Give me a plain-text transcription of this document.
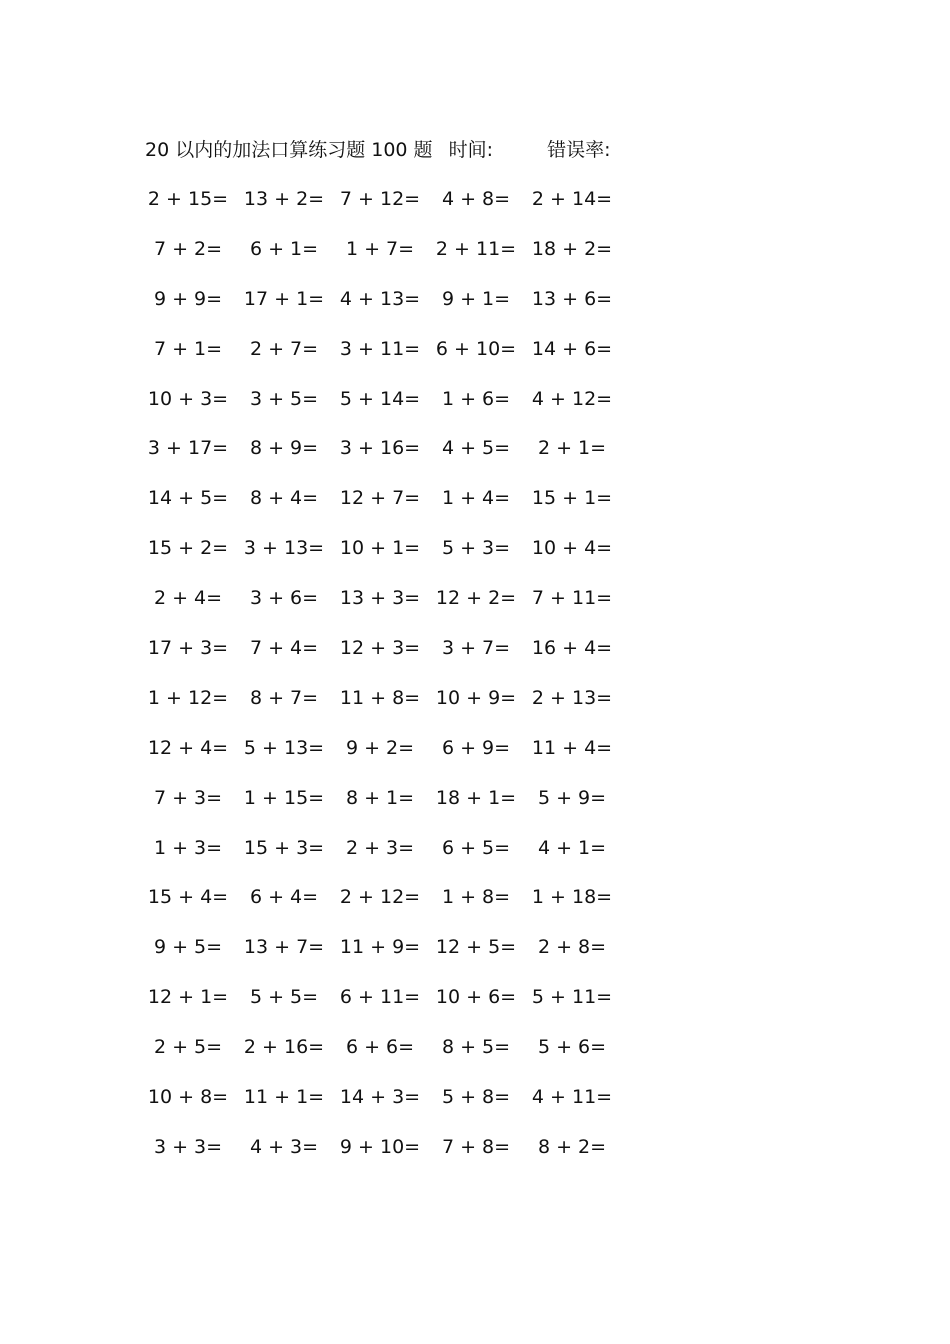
20 以内的加法口算练习题 100 题 时间:	错误率:
2 + 15= 13 + 2= 7 + 12=	4 + 8=	2 + 14=
7 + 2=	6 + 1=	1 + 7=	2 + 11= 18 + 2=
9 + 9=	17 + 1= 4 + 13=	9 + 1=	13 + 6=
7 + 1=	2 + 7=	3 + 11= 6 + 10= 14 + 6=
10 + 3=	3 + 5=	5 + 14=	1 + 6=	4 + 12=
3 + 17=	8 + 9=	3 + 16=	4 + 5=	2 + 1=
14 + 5=	8 + 4=	12 + 7=	1 + 4=	15 + 1=
15 + 2= 3 + 13= 10 + 1=	5 + 3=	10 + 4=
2 + 4=	3 + 6=	13 + 3= 12 + 2= 7 + 11=
17 + 3=	7 + 4=	12 + 3=	3 + 7=	16 + 4=
1 + 12=	8 + 7=	11 + 8= 10 + 9= 2 + 13=
12 + 4= 5 + 13=	9 + 2=	6 + 9=	11 + 4=
7 + 3=	1 + 15=	8 + 1=	18 + 1=	5 + 9=
1 + 3=	15 + 3=	2 + 3=	6 + 5=	4 + 1=
15 + 4=	6 + 4=	2 + 12=	1 + 8=	1 + 18=
9 + 5=	13 + 7= 11 + 9= 12 + 5=	2 + 8=
12 + 1=	5 + 5=	6 + 11= 10 + 6= 5 + 11=
2 + 5=	2 + 16=	6 + 6=	8 + 5=	5 + 6=
10 + 8= 11 + 1= 14 + 3=	5 + 8=	4 + 11=
3 + 3=	4 + 3=	9 + 10=	7 + 8=	8 + 2=
